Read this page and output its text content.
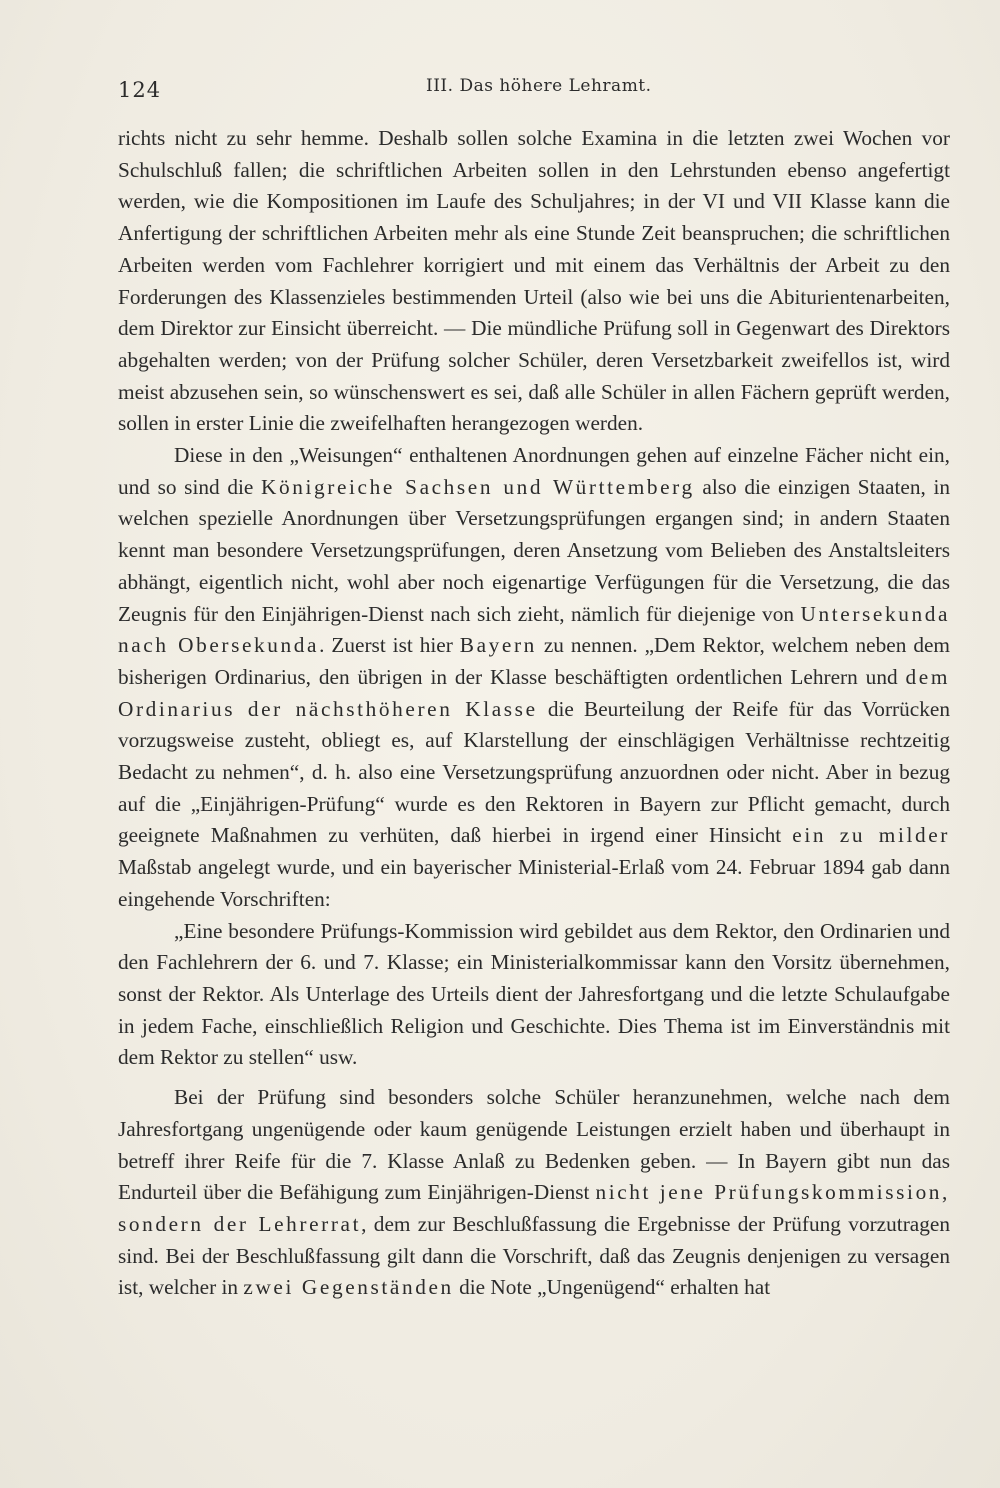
124	III. Das höhere Lehramt.

richts nicht zu sehr hemme. Deshalb sollen solche Examina in die letzten zwei Wochen vor Schulschluß fallen; die schriftlichen Arbeiten sollen in den Lehrstunden ebenso angefertigt werden, wie die Kompositionen im Laufe des Schuljahres; in der VI und VII Klasse kann die Anfertigung der schriftlichen Arbeiten mehr als eine Stunde Zeit beanspruchen; die schriftlichen Arbeiten werden vom Fachlehrer korrigiert und mit einem das Verhältnis der Arbeit zu den Forderungen des Klassenzieles bestimmenden Urteil (also wie bei uns die Abiturientenarbeiten, dem Direktor zur Einsicht überreicht. — Die mündliche Prüfung soll in Gegenwart des Direktors abgehalten werden; von der Prüfung solcher Schüler, deren Versetzbarkeit zweifellos ist, wird meist abzusehen sein, so wünschenswert es sei, daß alle Schüler in allen Fächern geprüft werden, sollen in erster Linie die zweifelhaften herangezogen werden.

Diese in den „Weisungen“ enthaltenen Anordnungen gehen auf einzelne Fächer nicht ein, und so sind die Königreiche Sachsen und Württemberg also die einzigen Staaten, in welchen spezielle Anordnungen über Versetzungsprüfungen ergangen sind; in andern Staaten kennt man besondere Versetzungsprüfungen, deren Ansetzung vom Belieben des Anstaltsleiters abhängt, eigentlich nicht, wohl aber noch eigenartige Verfügungen für die Versetzung, die das Zeugnis für den Einjährigen-Dienst nach sich zieht, nämlich für diejenige von Untersekunda nach Obersekunda. Zuerst ist hier Bayern zu nennen. „Dem Rektor, welchem neben dem bisherigen Ordinarius, den übrigen in der Klasse beschäftigten ordentlichen Lehrern und dem Ordinarius der nächsthöheren Klasse die Beurteilung der Reife für das Vorrücken vorzugsweise zusteht, obliegt es, auf Klarstellung der einschlägigen Verhältnisse rechtzeitig Bedacht zu nehmen“, d. h. also eine Versetzungsprüfung anzuordnen oder nicht. Aber in bezug auf die „Einjährigen-Prüfung“ wurde es den Rektoren in Bayern zur Pflicht gemacht, durch geeignete Maßnahmen zu verhüten, daß hierbei in irgend einer Hinsicht ein zu milder Maßstab angelegt wurde, und ein bayerischer Ministerial-Erlaß vom 24. Februar 1894 gab dann eingehende Vorschriften:

„Eine besondere Prüfungs-Kommission wird gebildet aus dem Rektor, den Ordinarien und den Fachlehrern der 6. und 7. Klasse; ein Ministerialkommissar kann den Vorsitz übernehmen, sonst der Rektor. Als Unterlage des Urteils dient der Jahresfortgang und die letzte Schulaufgabe in jedem Fache, einschließlich Religion und Geschichte. Dies Thema ist im Einverständnis mit dem Rektor zu stellen“ usw.

Bei der Prüfung sind besonders solche Schüler heranzunehmen, welche nach dem Jahresfortgang ungenügende oder kaum genügende Leistungen erzielt haben und überhaupt in betreff ihrer Reife für die 7. Klasse Anlaß zu Bedenken geben. — In Bayern gibt nun das Endurteil über die Befähigung zum Einjährigen-Dienst nicht jene Prüfungskommission, sondern der Lehrerrat, dem zur Beschlußfassung die Ergebnisse der Prüfung vorzutragen sind. Bei der Beschlußfassung gilt dann die Vorschrift, daß das Zeugnis denjenigen zu versagen ist, welcher in zwei Gegenständen die Note „Ungenügend“ erhalten hat
